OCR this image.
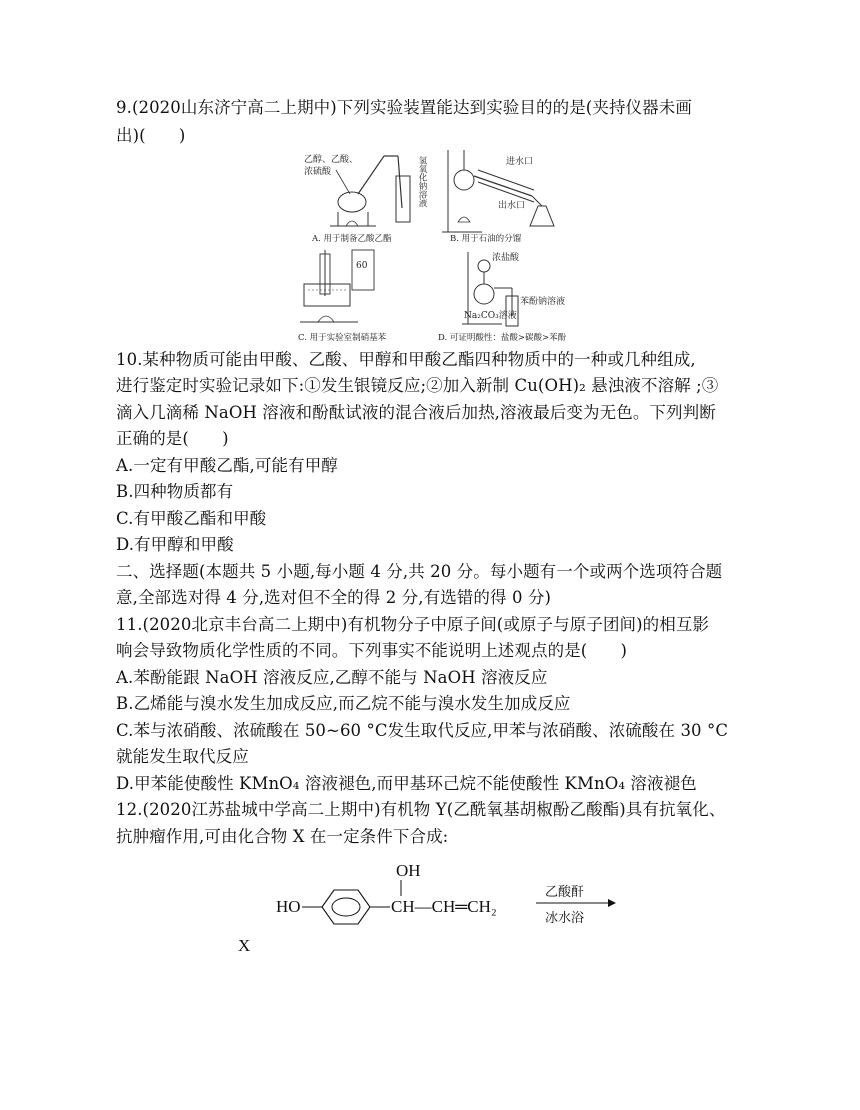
9.(2020山东济宁高二上期中)下列实验装置能达到实验目的的是(夹持仪器未画
出)(　　)
乙醇、乙酸、
浓硫酸	氢氧化钠溶液
A. 用于制备乙酸乙酯
进水口
出水口
B. 用于石油的分馏
60
C. 用于实验室制硝基苯
浓盐酸
苯酚钠溶液
Na₂CO₃溶液
D. 可证明酸性：盐酸>碳酸>苯酚
10.某种物质可能由甲酸、乙酸、甲醇和甲酸乙酯四种物质中的一种或几种组成,
进行鉴定时实验记录如下:①发生银镜反应;②加入新制 Cu(OH)₂ 悬浊液不溶解 ;③
滴入几滴稀 NaOH 溶液和酚酞试液的混合液后加热,溶液最后变为无色。下列判断
正确的是(　　)
A.一定有甲酸乙酯,可能有甲醇
B.四种物质都有
C.有甲酸乙酯和甲酸
D.有甲醇和甲酸
二、选择题(本题共 5 小题,每小题 4 分,共 20 分。每小题有一个或两个选项符合题
意,全部选对得 4 分,选对但不全的得 2 分,有选错的得 0 分)
11.(2020北京丰台高二上期中)有机物分子中原子间(或原子与原子团间)的相互影
响会导致物质化学性质的不同。下列事实不能说明上述观点的是(　　)
A.苯酚能跟 NaOH 溶液反应,乙醇不能与 NaOH 溶液反应
B.乙烯能与溴水发生加成反应,而乙烷不能与溴水发生加成反应
C.苯与浓硝酸、浓硫酸在 50~60 °C发生取代反应,甲苯与浓硝酸、浓硫酸在 30 °C
就能发生取代反应
D.甲苯能使酸性 KMnO₄ 溶液褪色,而甲基环己烷不能使酸性 KMnO₄ 溶液褪色
12.(2020江苏盐城中学高二上期中)有机物 Y(乙酰氧基胡椒酚乙酸酯)具有抗氧化、
抗肿瘤作用,可由化合物 X 在一定条件下合成:
OH
HO	CH—CH═CH₂
乙酸酐
冰水浴
X
